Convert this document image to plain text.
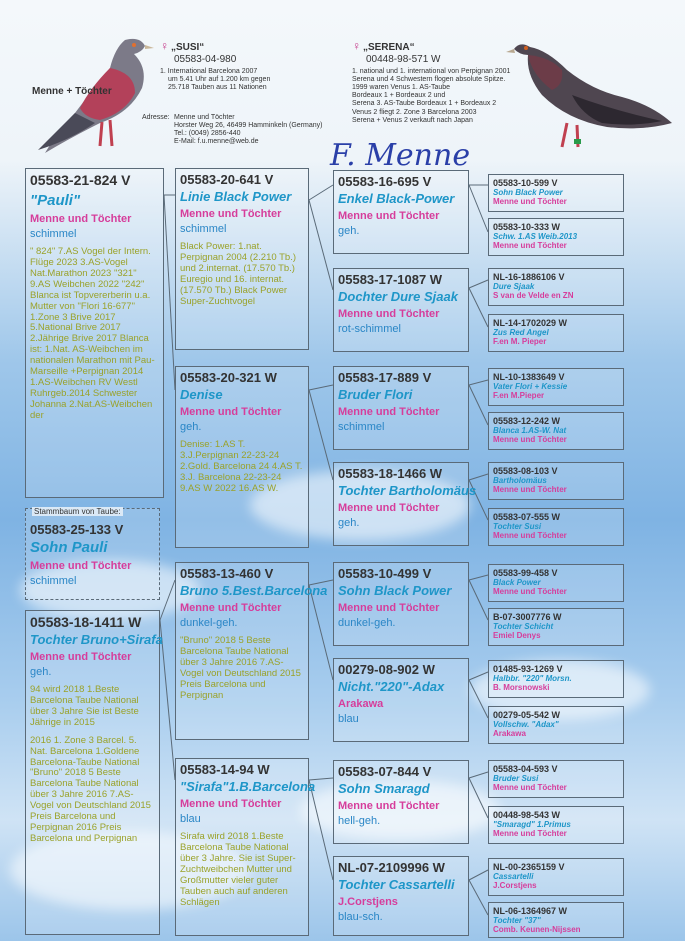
Menne + Töchter
♀ „SUSI“
05583-04-980
1. International Barcelona 2007
um 5.41 Uhr auf 1.200 km gegen
25.718 Tauben aus 11 Nationen
♀ „SERENA“
00448-98-571 W
1. national und 1. international von Perpignan 2001
Serena und 4 Schwestern flogen absolute Spitze.
1999 waren Venus 1. AS-Taube
Bordeaux 1 + Bordeaux 2 und
Serena 3. AS-Taube Bordeaux 1 + Bordeaux 2
Venus 2 fliegt 2. Zone 3 Barcelona 2003
Serena + Venus 2 verkauft nach Japan
Adresse: Menne und Töchter
Horster Weg 26, 46499 Hamminkeln (Germany)
Tel.: (0049) 2856-440
E-Mail: f.u.menne@web.de	F. Menne
05583-21-824 V
"Pauli"
Menne und Töchter
schimmel
" 824" 7.AS Vogel der Intern. Flüge 2023 3.AS-Vogel Nat.Marathon 2023 "321" 9.AS Weibchen 2022 "242" Blanca ist Topvererberin u.a. Mutter von "Flori 16-677" 1.Zone 3 Brive 2017 5.National Brive 2017 2.Jährige Brive 2017 Blanca ist: 1.Nat. AS-Weibchen im nationalen Marathon mit Pau-Marseille +Perpignan 2014 1.AS-Weibchen RV Westl Ruhrgeb.2014 Schwester Johanna 2.Nat.AS-Weibchen der
Stammbaum von Taube:
05583-25-133 V
Sohn Pauli
Menne und Töchter
schimmel
05583-18-1411 W
Tochter Bruno+Sirafa
Menne und Töchter
geh.
94 wird 2018 1.Beste Barcelona Taube National über 3 Jahre Sie ist Beste Jährige in 2015
2016 1. Zone 3 Barcel. 5. Nat. Barcelona 1.Goldene Barcelona-Taube National "Bruno" 2018 5 Beste Barcelona Taube National über 3 Jahre 2016 7.AS-Vogel von Deutschland 2015 Preis Barcelona und Perpignan 2016 Preis Barcelona und Perpignan
05583-20-641 V
Linie Black Power
Menne und Töchter
schimmel
Black Power: 1.nat. Perpignan 2004 (2.210 Tb.) und 2.internat. (17.570 Tb.) Euregio und 16. internat. (17.570 Tb.) Black Power Super-Zuchtvogel
05583-20-321 W
Denise
Menne und Töchter
geh.
Denise: 1.AS T. 3.J.Perpignan 22-23-24 2.Gold. Barcelona 24 4.AS T. 3.J. Barcelona 22-23-24 9.AS W 2022 16.AS W.
05583-13-460 V
Bruno 5.Best.Barcelona
Menne und Töchter
dunkel-geh.
"Bruno" 2018 5 Beste Barcelona Taube National über 3 Jahre 2016 7.AS-Vogel von Deutschland 2015 Preis Barcelona und Perpignan
05583-14-94 W
"Sirafa"1.B.Barcelona
Menne und Töchter
blau
Sirafa wird 2018 1.Beste Barcelona Taube National über 3 Jahre. Sie ist Super-Zuchtweibchen Mutter und Großmutter vieler guter Tauben auch auf anderen Schlägen
05583-16-695 V
Enkel Black-Power
Menne und Töchter
geh.
05583-17-1087 W
Dochter Dure Sjaak
Menne und Töchter
rot-schimmel
05583-17-889 V
Bruder Flori
Menne und Töchter
schimmel
05583-18-1466 W
Tochter Bartholomäus
Menne und Töchter
geh.
05583-10-499 V
Sohn Black Power
Menne und Töchter
dunkel-geh.
00279-08-902 W
Nicht."220"-Adax
Arakawa
blau
05583-07-844 V
Sohn Smaragd
Menne und Töchter
hell-geh.
NL-07-2109996 W
Tochter Cassartelli
J.Corstjens
blau-sch.
05583-10-599 V
Sohn Black Power
Menne und Töchter
05583-10-333 W
Schw. 1.AS Weib.2013
Menne und Töchter
NL-16-1886106 V
Dure Sjaak
S van de Velde en ZN
NL-14-1702029 W
Zus Red Angel
F.en M. Pieper
NL-10-1383649 V
Vater Flori + Kessie
F.en M.Pieper
05583-12-242 W
Blanca 1.AS-W. Nat
Menne und Töchter
05583-08-103 V
Bartholomäus
Menne und Töchter
05583-07-555 W
Tochter Susi
Menne und Töchter
05583-99-458 V
Black Power
Menne und Töchter
B-07-3007776 W
Tochter Schicht
Emiel Denys
01485-93-1269 V
Halbbr. "220" Morsn.
B. Morsnowski
00279-05-542 W
Vollschw. "Adax"
Arakawa
05583-04-593 V
Bruder Susi
Menne und Töchter
00448-98-543 W
"Smaragd" 1.Primus
Menne und Töchter
NL-00-2365159 V
Cassartelli
J.Corstjens
NL-06-1364967 W
Tochter "37"
Comb. Keunen-Nijssen
